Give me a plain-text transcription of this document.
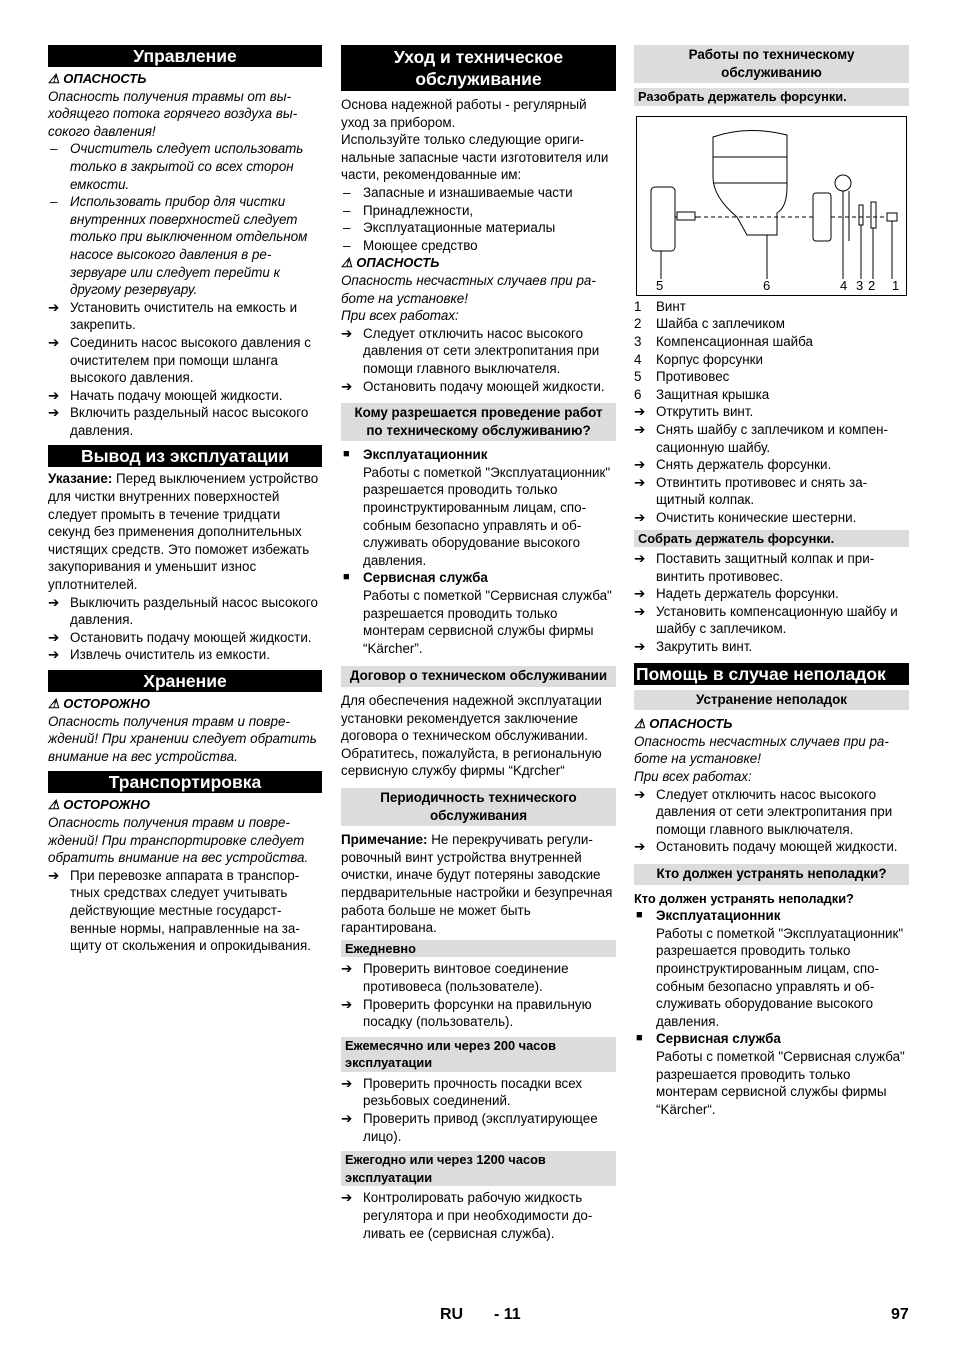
Управление

⚠ ОПАСНОСТЬ

Опасность получения травмы от выходящего потока горячего воздуха высокого давления!

– Очиститель следует использовать только в закрытой со всех сторон емкости.
– Использовать прибор для чистки внутренних поверхностей следует только при выключенном отдельном насосе высокого давления в резервуаре или следует перейти к другому резервуару.
➔ Установить очиститель на емкость и закрепить.
➔ Соединить насос высокого давления с очистителем при помощи шланга высокого давления.
➔ Начать подачу моющей жидкости.
➔ Включить раздельный насос высокого давления.
Вывод из эксплуатации

Указание: Перед выключением устройство для чистки внутренних поверхностей следует промыть в течение тридцати секунд без применения дополнительных чистящих средств. Это поможет избежать закупоривания и уменьшит износ уплотнителей.

➔ Выключить раздельный насос высокого давления.
➔ Остановить подачу моющей жидкости.
➔ Извлечь очиститель из емкости.
Хранение

⚠ ОСТОРОЖНО

Опасность получения травм и повреждений! При хранении следует обратить внимание на вес устройства.

Транспортировка

⚠ ОСТОРОЖНО

Опасность получения травм и повреждений! При транспортировке следует обратить внимание на вес устройства.

➔ При перевозке аппарата в транспортных средствах следует учитывать действующие местные государственные нормы, направленные на защиту от скольжения и опрокидывания.
Уход и техническое обслуживание

Основа надежной работы - регулярный уход за прибором.

Используйте только следующие оригинальные запасные части изготовителя или части, рекомендованные им:

– Запасные и изнашиваемые части
– Принадлежности,
– Эксплуатационные материалы
– Моющее средство

⚠ ОПАСНОСТЬ

Опасность несчастных случаев при работе на установке!

При всех работах:

➔ Следует отключить насос высокого давления от сети электропитания при помощи главного выключателя.
➔ Остановить подачу моющей жидкости.
Кому разрешается проведение работ по техническому обслуживанию?
■ Эксплуатационник

Работы с пометкой "Эксплуатационник" разрешается проводить только проинструктированным лицам, способным безопасно управлять и обслуживать оборудование высокого давления.

■ Сервисная служба

Работы с пометкой "Сервисная служба" разрешается проводить только монтерам сервисной службы фирмы “Kärcher”.

Договор о техническом обслуживании

Для обеспечения надежной эксплуатации установки рекомендуется заключение договора о техническом обслуживании. Обратитесь, пожалуйста, в региональную сервисную службу фирмы “Kдrcher“

Периодичность технического обслуживания

Примечание: Не перекручивать регулировочный винт устройства внутренней очистки, иначе будут потеряны заводские пердварительные настройки и безупречная работа больше не может быть гарантирована.

Ежедневно
➔ Проверить винтовое соединение противовеса (пользователе).
➔ Проверить форсунки на правильную посадку (пользователь).
Ежемесячно или через 200 часов эксплуатации
➔ Проверить прочность посадки всех резьбовых соединений.
➔ Проверить привод (эксплуатирующее лицо).
Ежегодно или через 1200 часов эксплуатации
➔ Контролировать рабочую жидкость регулятора и при необходимости доливать ее (сервисная служба).
Работы по техническому обслуживанию
Разобрать держатель форсунки.
5	6	4 3 2 1
1 Винт
2 Шайба с заплечиком
3 Компенсационная шайба
4 Корпус форсунки
5 Противовес
6 Защитная крышка
➔ Открутить винт.
➔ Снять шайбу с заплечиком и компенсационную шайбу.
➔ Снять держатель форсунки.
➔ Отвинтить противовес и снять защитный колпак.
➔ Очистить конические шестерни.
Собрать держатель форсунки.
➔ Поставить защитный колпак и привинтить противовес.
➔ Надеть держатель форсунки.
➔ Установить компенсационную шайбу и шайбу с заплечиком.
➔ Закрутить винт.
Помощь в случае неполадок
Устранение неполадок

⚠ ОПАСНОСТЬ

Опасность несчастных случаев при работе на установке!

При всех работах:

➔ Следует отключить насос высокого давления от сети электропитания при помощи главного выключателя.
➔ Остановить подачу моющей жидкости.
Кто должен устранять неполадки?

Кто должен устранять неполадки?

■ Эксплуатационник

Работы с пометкой "Эксплуатационник" разрешается проводить только проинструктированным лицам, способным безопасно управлять и обслуживать оборудование высокого давления.

■ Сервисная служба

Работы с пометкой "Сервисная служба" разрешается проводить только монтерам сервисной службы фирмы “Kärcher“.

RU - 11	97
